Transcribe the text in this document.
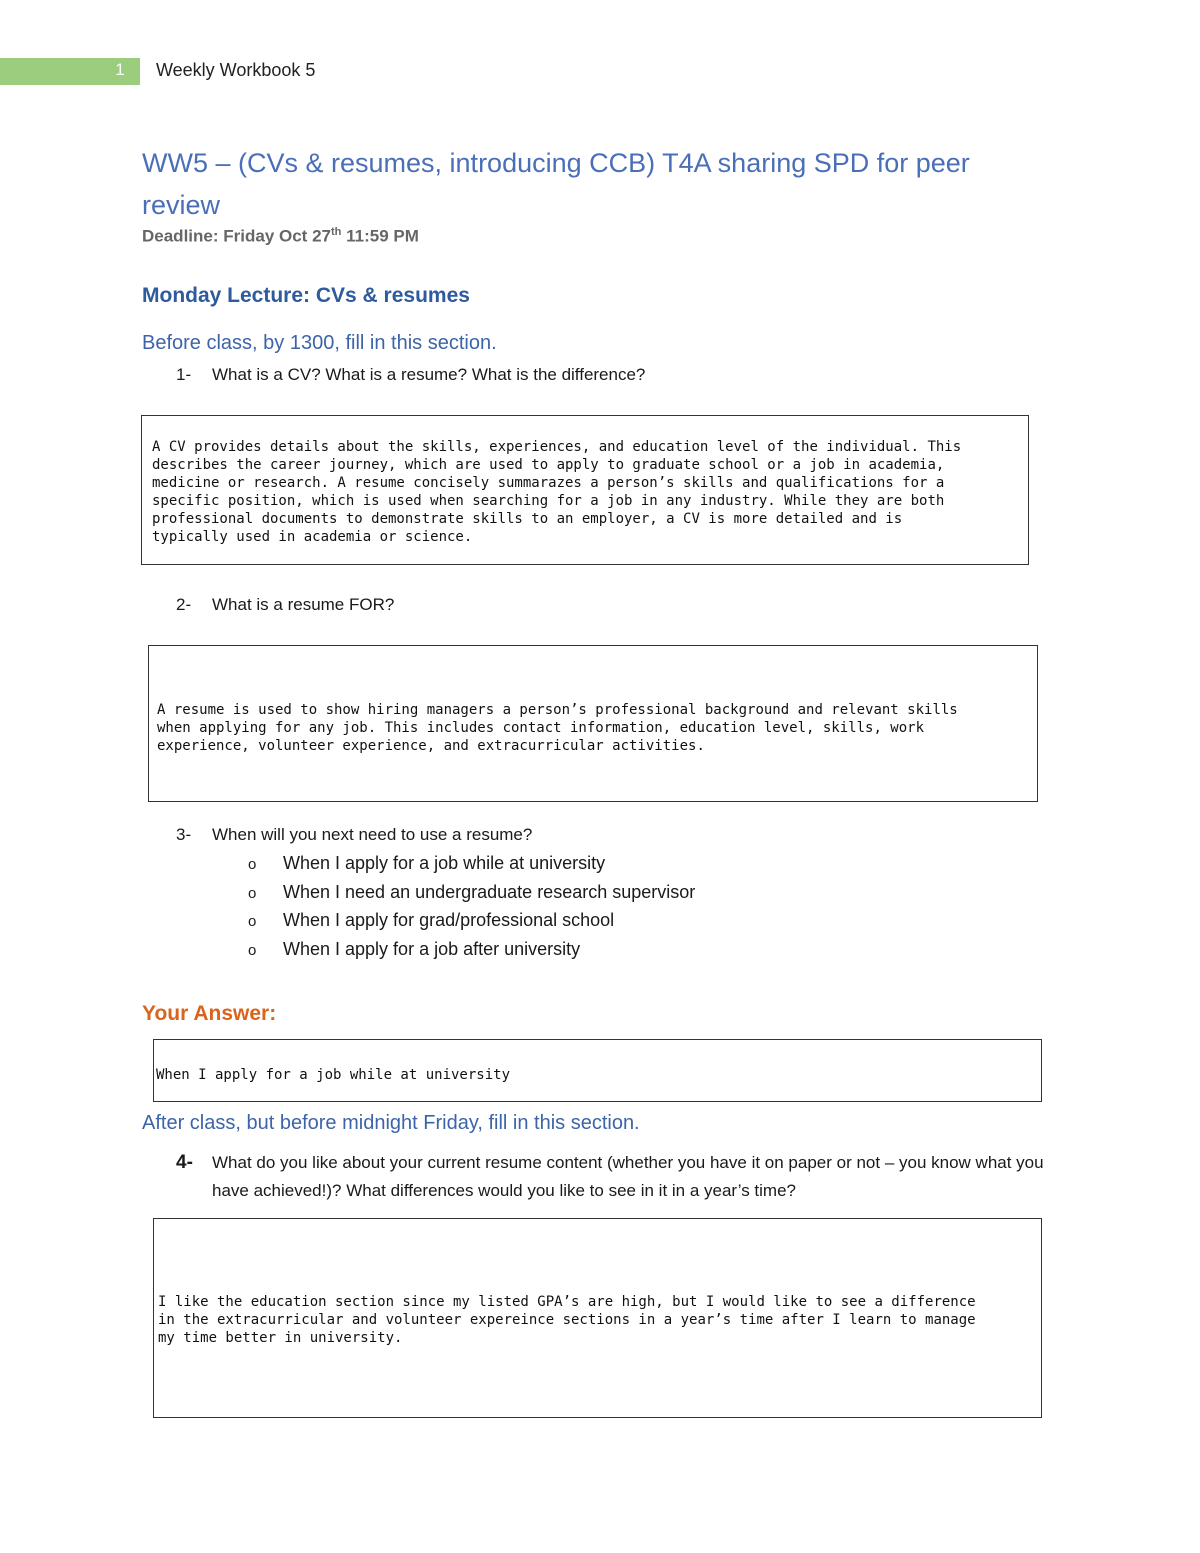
1 Weekly Workbook 5
WW5 – (CVs & resumes, introducing CCB) T4A sharing SPD for peer review
Deadline: Friday Oct 27th 11:59 PM
Monday Lecture: CVs & resumes
Before class, by 1300, fill in this section.
1- What is a CV? What is a resume? What is the difference?
A CV provides details about the skills, experiences, and education level of the individual. This
describes the career journey, which are used to apply to graduate school or a job in academia,
medicine or research. A resume concisely summarazes a person’s skills and qualifications for a
specific position, which is used when searching for a job in any industry. While they are both
professional documents to demonstrate skills to an employer, a CV is more detailed and is
typically used in academia or science.
2- What is a resume FOR?
A resume is used to show hiring managers a person’s professional background and relevant skills
when applying for any job. This includes contact information, education level, skills, work
experience, volunteer experience, and extracurricular activities.
3- When will you next need to use a resume?
o When I apply for a job while at university
o When I need an undergraduate research supervisor
o When I apply for grad/professional school
o When I apply for a job after university
Your Answer:
When I apply for a job while at university
After class, but before midnight Friday, fill in this section.
4- What do you like about your current resume content (whether you have it on paper or not – you know what you have achieved!)? What differences would you like to see in it in a year’s time?
I like the education section since my listed GPA’s are high, but I would like to see a difference
in the extracurricular and volunteer expereince sections in a year’s time after I learn to manage
my time better in university.
